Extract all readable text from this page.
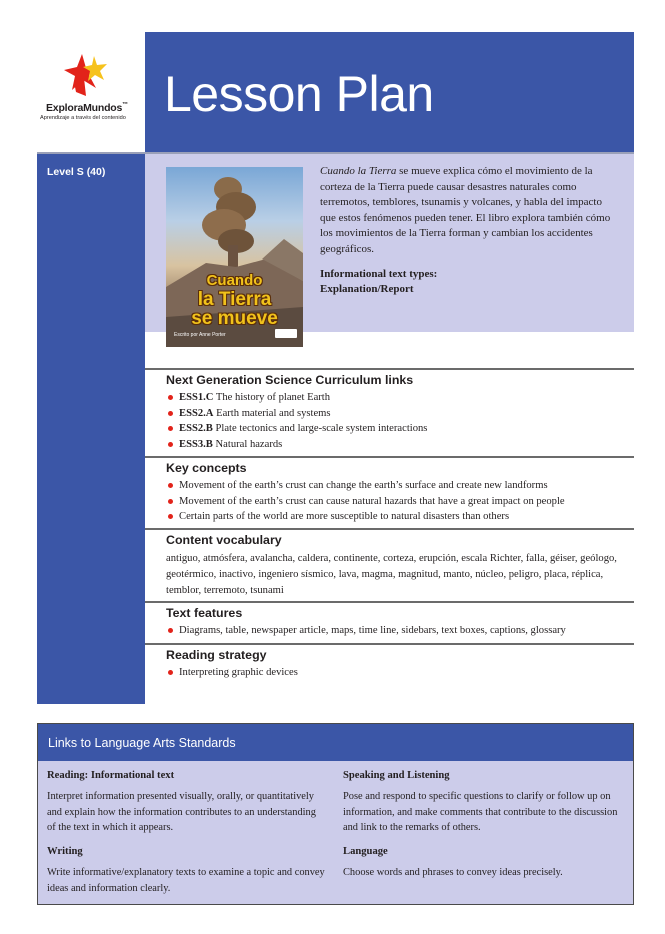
ExploraMundos™
Aprendizaje a través del contenido Lesson Plan
Level S (40)
Cuando
la Tierra
se mueve
Escrito por Anne Porter

Cuando la Tierra se mueve explica cómo el movimiento de la corteza de la Tierra puede causar desastres naturales como terremotos, temblores, tsunamis y volcanes, y habla del impacto que estos fenómenos pueden tener. El libro explora también cómo los movimientos de la Tierra forman y cambian los accidentes geográficos.

Informational text types:

Explanation/Report

Next Generation Science Curriculum links
ESS1.C The history of planet Earth
ESS2.A Earth material and systems
ESS2.B Plate tectonics and large-scale system interactions
ESS3.B Natural hazards
Key concepts
Movement of the earth’s crust can change the earth’s surface and create new landforms
Movement of the earth’s crust can cause natural hazards that have a great impact on people
Certain parts of the world are more susceptible to natural disasters than others
Content vocabulary

antiguo, atmósfera, avalancha, caldera, continente, corteza, erupción, escala Richter, falla, géiser, geólogo, geotérmico, inactivo, ingeniero sísmico, lava, magma, magnitud, manto, núcleo, peligro, placa, réplica, temblor, terremoto, tsunami

Text features
Diagrams, table, newspaper article, maps, time line, sidebars, text boxes, captions, glossary
Reading strategy
Interpreting graphic devices
Links to Language Arts Standards
Reading: Informational text

Interpret information presented visually, orally, or quantitatively and explain how the information contributes to an understanding of the text in which it appears.

Writing

Write informative/explanatory texts to examine a topic and convey ideas and information clearly.

Speaking and Listening

Pose and respond to specific questions to clarify or follow up on information, and make comments that contribute to the discussion and link to the remarks of others.

Language

Choose words and phrases to convey ideas precisely.
